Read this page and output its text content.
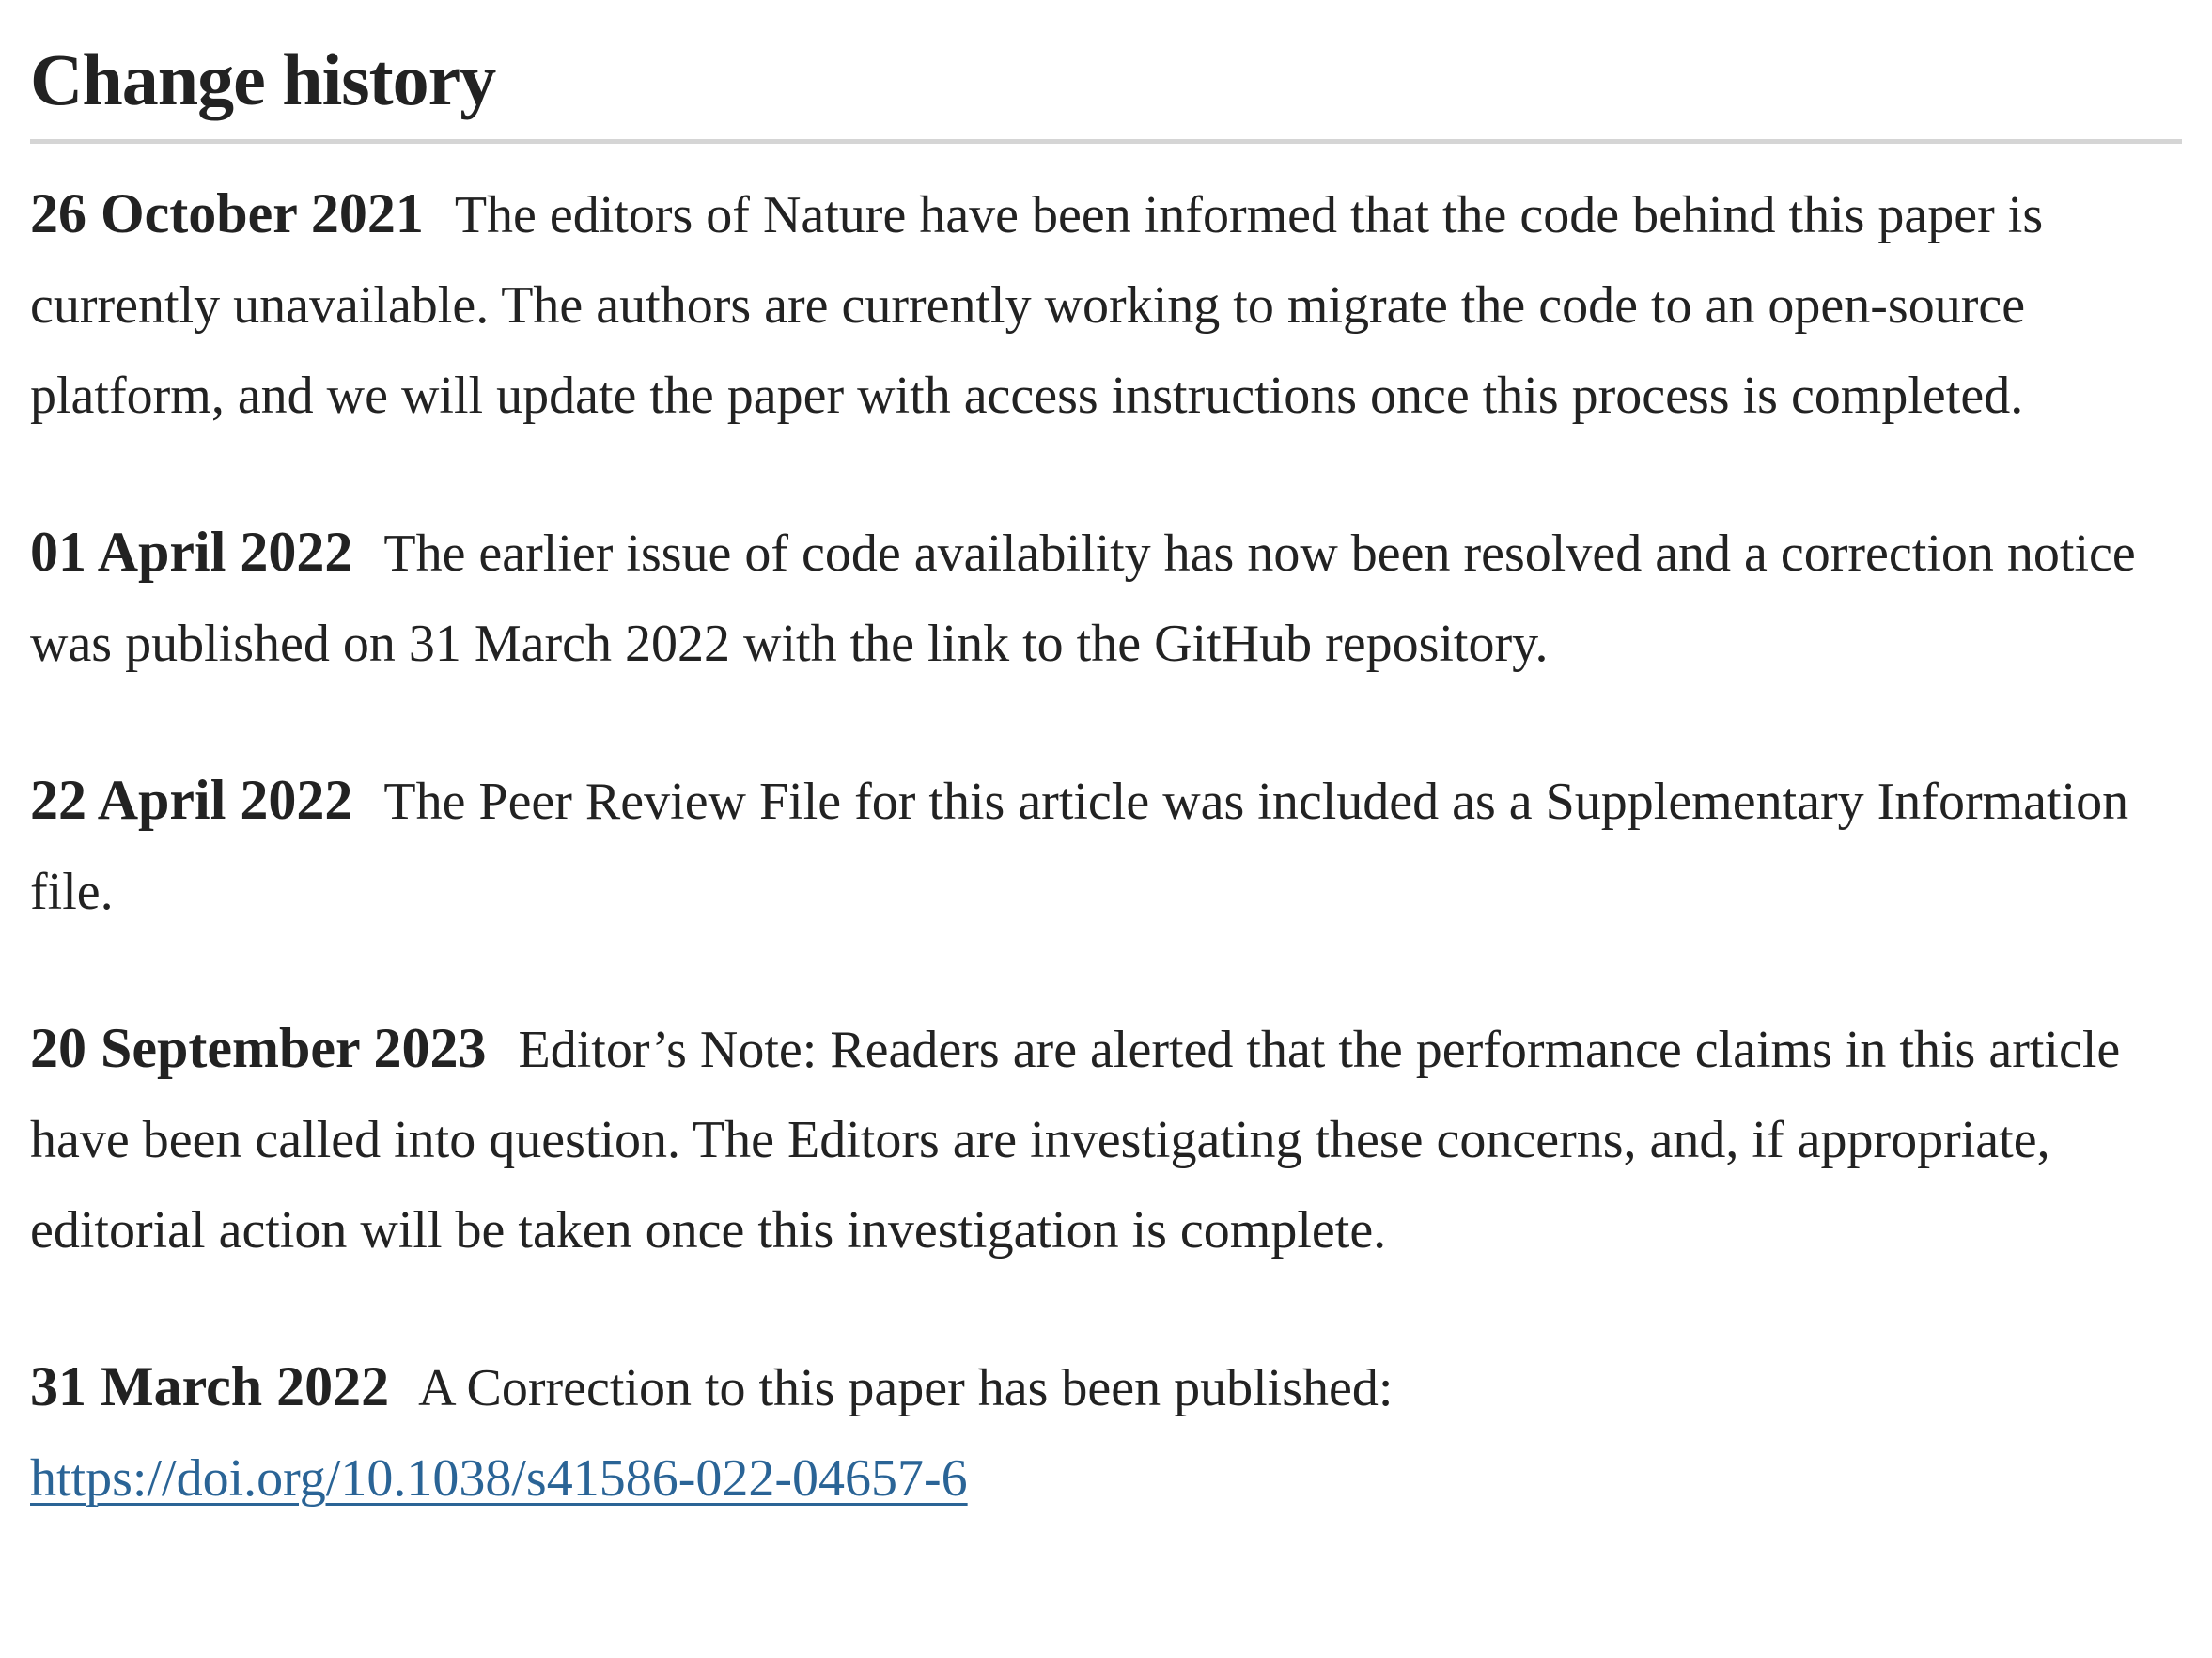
Change history

26 October 2021 The editors of Nature have been informed that the code behind this paper is currently unavailable. The authors are currently working to migrate the code to an open-source platform, and we will update the paper with access instructions once this process is completed.

01 April 2022 The earlier issue of code availability has now been resolved and a correction notice was published on 31 March 2022 with the link to the GitHub repository.

22 April 2022 The Peer Review File for this article was included as a Supplementary Information file.

20 September 2023 Editor’s Note: Readers are alerted that the performance claims in this article have been called into question. The Editors are investigating these concerns, and, if appropriate, editorial action will be taken once this investigation is complete.

31 March 2022 A Correction to this paper has been published:
https://doi.org/10.1038/s41586-022-04657-6
